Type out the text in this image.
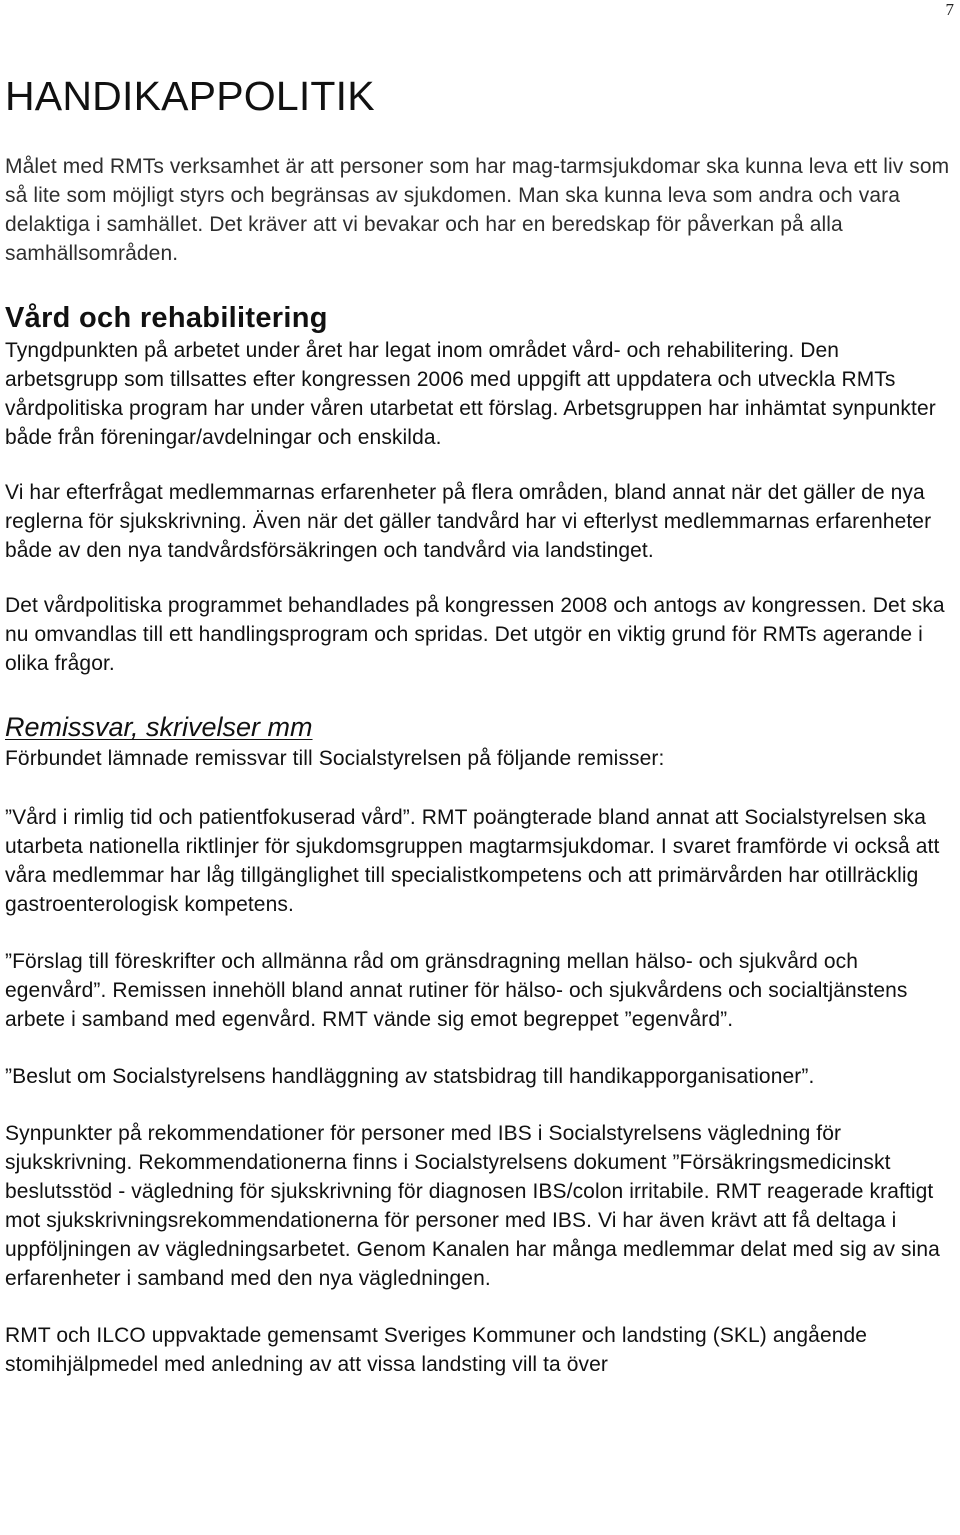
7
HANDIKAPPOLITIK

Målet med RMTs verksamhet är att personer som har mag-tarmsjukdomar ska kunna leva ett liv som så lite som möjligt styrs och begränsas av sjukdomen. Man ska kunna leva som andra och vara delaktiga i samhället. Det kräver att vi bevakar och har en beredskap för påverkan på alla samhällsområden.

Vård och rehabilitering

Tyngdpunkten på arbetet under året har legat inom området vård- och rehabilitering. Den arbetsgrupp som tillsattes efter kongressen 2006 med uppgift att uppdatera och utveckla RMTs vårdpolitiska program har under våren utarbetat ett förslag. Arbetsgruppen har inhämtat synpunkter både från föreningar/avdelningar och enskilda.

Vi har efterfrågat medlemmarnas erfarenheter på flera områden, bland annat när det gäller de nya reglerna för sjukskrivning. Även när det gäller tandvård har vi efterlyst medlemmarnas erfarenheter både av den nya tandvårdsförsäkringen och tandvård via landstinget.

Det vårdpolitiska programmet behandlades på kongressen 2008 och antogs av kongressen. Det ska nu omvandlas till ett handlingsprogram och spridas. Det utgör en viktig grund för RMTs agerande i olika frågor.

Remissvar, skrivelser mm

Förbundet lämnade remissvar till Socialstyrelsen på följande remisser:

”Vård i rimlig tid och patientfokuserad vård”. RMT poängterade bland annat att Socialstyrelsen ska utarbeta nationella riktlinjer för sjukdomsgruppen magtarmsjukdomar. I svaret framförde vi också att våra medlemmar har låg tillgänglighet till specialistkompetens och att primärvården har otillräcklig gastroenterologisk kompetens.

”Förslag till föreskrifter och allmänna råd om gränsdragning mellan hälso- och sjukvård och egenvård”. Remissen innehöll bland annat rutiner för hälso- och sjukvårdens och socialtjänstens arbete i samband med egenvård. RMT vände sig emot begreppet ”egenvård”.

”Beslut om Socialstyrelsens handläggning av statsbidrag till handikapporganisationer”.

Synpunkter på rekommendationer för personer med IBS i Socialstyrelsens vägledning för sjukskrivning. Rekommendationerna finns i Socialstyrelsens dokument ”Försäkringsmedicinskt beslutsstöd - vägledning för sjukskrivning för diagnosen IBS/colon irritabile. RMT reagerade kraftigt mot sjukskrivningsrekommendationerna för personer med IBS. Vi har även krävt att få deltaga i uppföljningen av vägledningsarbetet. Genom Kanalen har många medlemmar delat med sig av sina erfarenheter i samband med den nya vägledningen.

RMT och ILCO uppvaktade gemensamt Sveriges Kommuner och landsting (SKL) angående stomihjälpmedel med anledning av att vissa landsting vill ta över
